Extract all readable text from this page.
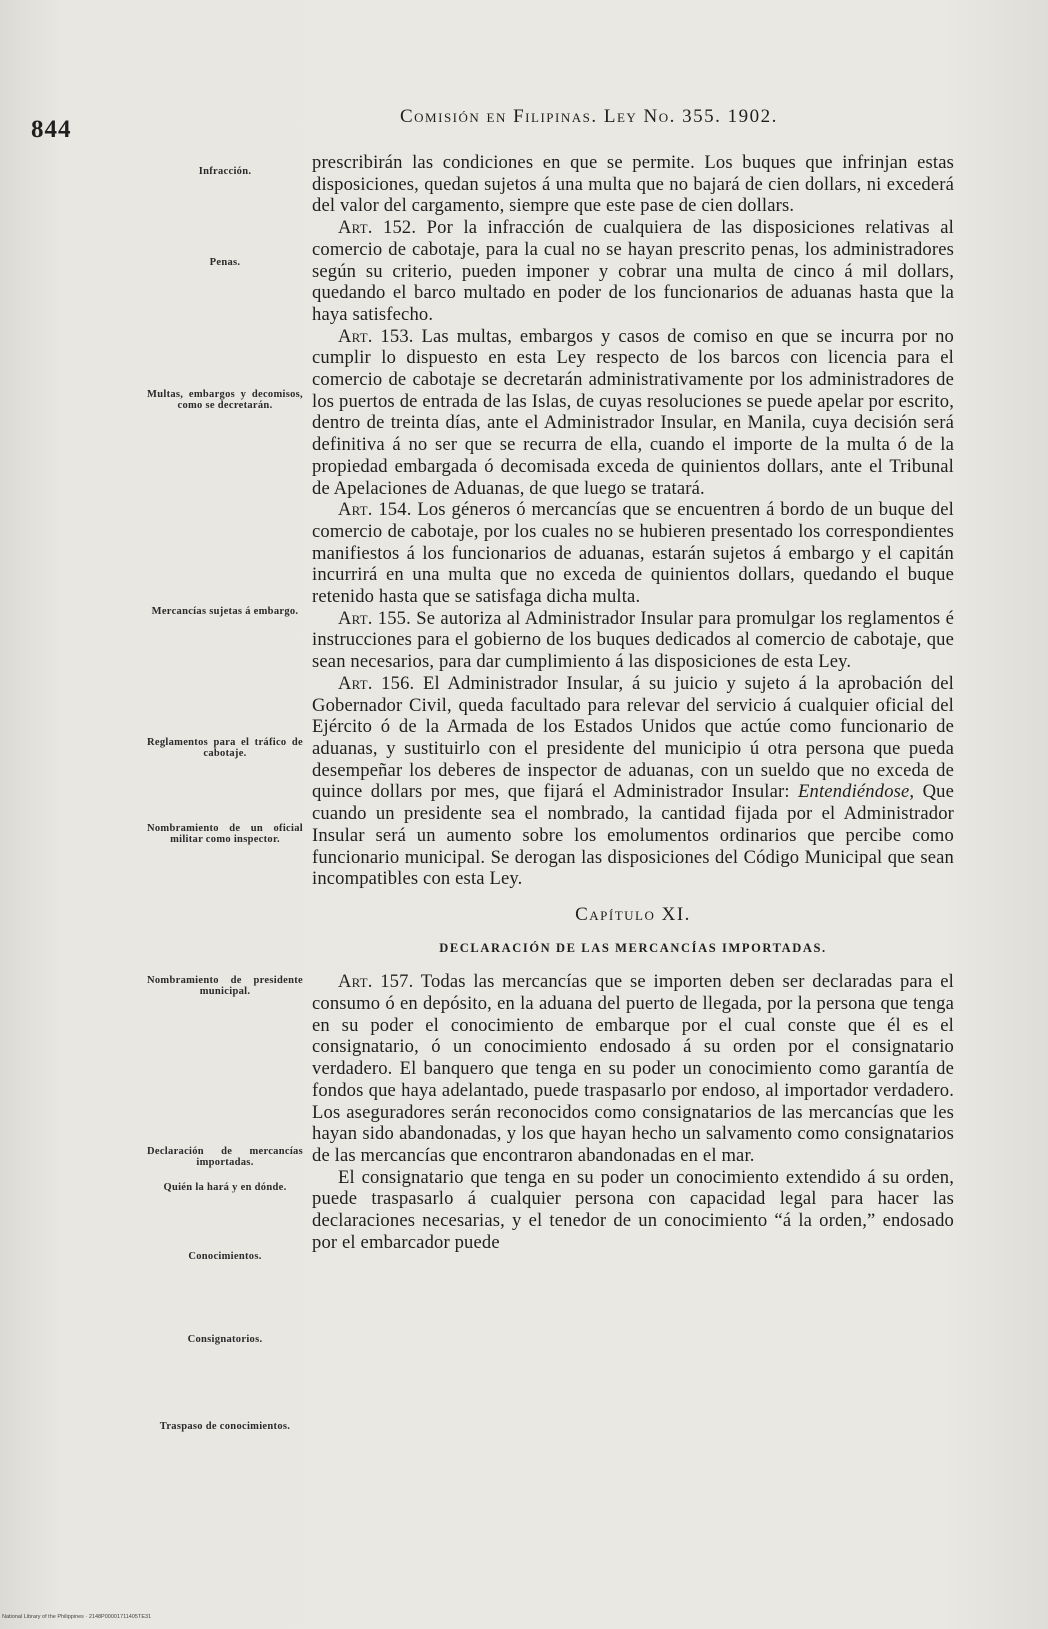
844	Comisión en Filipinas. Ley No. 355. 1902.
Infracción.
Penas.
Multas, embargos y decomisos, como se decretarán.
Mercancías sujetas á embargo.
Reglamentos para el tráfico de cabotaje.
Nombramiento de un oficial militar como inspector.
Nombramiento de presidente municipal.
Declaración de mercancías importadas.
Quién la hará y en dónde.
Conocimientos.
Consignatorios.
Traspaso de conocimientos.

prescribirán las condiciones en que se permite. Los buques que infrinjan estas disposiciones, quedan sujetos á una multa que no bajará de cien dollars, ni excederá del valor del cargamento, siempre que este pase de cien dollars.

Art. 152. Por la infracción de cualquiera de las disposiciones relativas al comercio de cabotaje, para la cual no se hayan prescrito penas, los administradores según su criterio, pueden imponer y cobrar una multa de cinco á mil dollars, quedando el barco multado en poder de los funcionarios de aduanas hasta que la haya satisfecho.

Art. 153. Las multas, embargos y casos de comiso en que se incurra por no cumplir lo dispuesto en esta Ley respecto de los barcos con licencia para el comercio de cabotaje se decretarán administrativamente por los administradores de los puertos de entrada de las Islas, de cuyas resoluciones se puede apelar por escrito, dentro de treinta días, ante el Administrador Insular, en Manila, cuya decisión será definitiva á no ser que se recurra de ella, cuando el importe de la multa ó de la propiedad embargada ó decomisada exceda de quinientos dollars, ante el Tribunal de Apelaciones de Aduanas, de que luego se tratará.

Art. 154. Los géneros ó mercancías que se encuentren á bordo de un buque del comercio de cabotaje, por los cuales no se hubieren presentado los correspondientes manifiestos á los funcionarios de aduanas, estarán sujetos á embargo y el capitán incurrirá en una multa que no exceda de quinientos dollars, quedando el buque retenido hasta que se satisfaga dicha multa.

Art. 155. Se autoriza al Administrador Insular para promulgar los reglamentos é instrucciones para el gobierno de los buques dedicados al comercio de cabotaje, que sean necesarios, para dar cumplimiento á las disposiciones de esta Ley.

Art. 156. El Administrador Insular, á su juicio y sujeto á la aprobación del Gobernador Civil, queda facultado para relevar del servicio á cualquier oficial del Ejército ó de la Armada de los Estados Unidos que actúe como funcionario de aduanas, y sustituirlo con el presidente del municipio ú otra persona que pueda desempeñar los deberes de inspector de aduanas, con un sueldo que no exceda de quince dollars por mes, que fijará el Administrador Insular: Entendiéndose, Que cuando un presidente sea el nombrado, la cantidad fijada por el Administrador Insular será un aumento sobre los emolumentos ordinarios que percibe como funcionario municipal. Se derogan las disposiciones del Código Municipal que sean incompatibles con esta Ley.

Capítulo XI.
DECLARACIÓN DE LAS MERCANCÍAS IMPORTADAS.

Art. 157. Todas las mercancías que se importen deben ser declaradas para el consumo ó en depósito, en la aduana del puerto de llegada, por la persona que tenga en su poder el conocimiento de embarque por el cual conste que él es el consignatario, ó un conocimiento endosado á su orden por el consignatario verdadero. El banquero que tenga en su poder un conocimiento como garantía de fondos que haya adelantado, puede traspasarlo por endoso, al importador verdadero. Los aseguradores serán reconocidos como consignatarios de las mercancías que les hayan sido abandonadas, y los que hayan hecho un salvamento como consignatarios de las mercancías que encontraron abandonadas en el mar.

El consignatario que tenga en su poder un conocimiento extendido á su orden, puede traspasarlo á cualquier persona con capacidad legal para hacer las declaraciones necesarias, y el tenedor de un conocimiento “á la orden,” endosado por el embarcador puede

National Library of the Philippines · 2148P00001711405TE31
